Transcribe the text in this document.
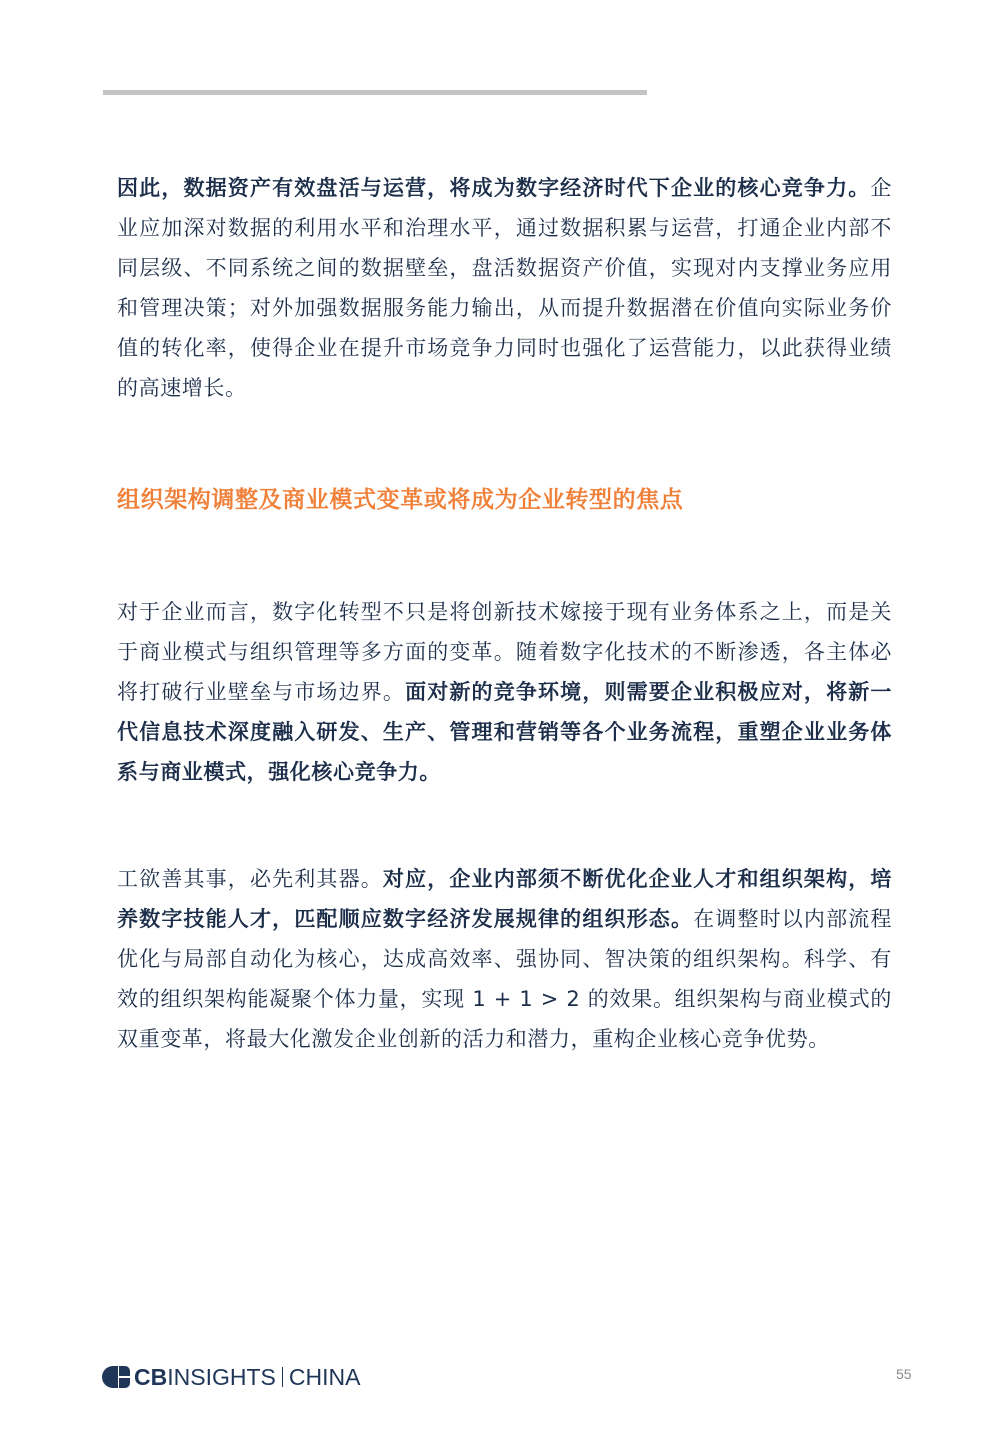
因此，数据资产有效盘活与运营，将成为数字经济时代下企业的核心竞争力。企业应加深对数据的利用水平和治理水平，通过数据积累与运营，打通企业内部不同层级、不同系统之间的数据壁垒，盘活数据资产价值，实现对内支撑业务应用和管理决策；对外加强数据服务能力输出，从而提升数据潜在价值向实际业务价值的转化率，使得企业在提升市场竞争力同时也强化了运营能力，以此获得业绩的高速增长。

组织架构调整及商业模式变革或将成为企业转型的焦点

对于企业而言，数字化转型不只是将创新技术嫁接于现有业务体系之上，而是关于商业模式与组织管理等多方面的变革。随着数字化技术的不断渗透，各主体必将打破行业壁垒与市场边界。面对新的竞争环境，则需要企业积极应对，将新一代信息技术深度融入研发、生产、管理和营销等各个业务流程，重塑企业业务体系与商业模式，强化核心竞争力。

工欲善其事，必先利其器。对应，企业内部须不断优化企业人才和组织架构，培养数字技能人才，匹配顺应数字经济发展规律的组织形态。在调整时以内部流程优化与局部自动化为核心，达成高效率、强协同、智决策的组织架构。科学、有效的组织架构能凝聚个体力量，实现 1 + 1 > 2 的效果。组织架构与商业模式的双重变革，将最大化激发企业创新的活力和潜力，重构企业核心竞争优势。

CBINSIGHTS CHINA	55
